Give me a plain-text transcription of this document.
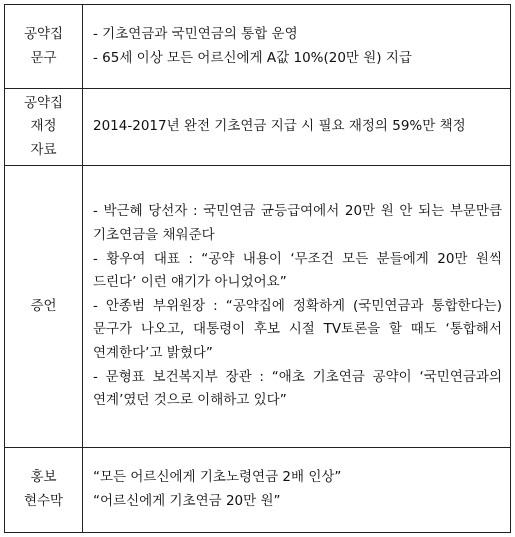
공약집
문구	- 기초연금과 국민연금의 통합 운영
- 65세 이상 모든 어르신에게 A값 10%(20만 원) 지급

공약집
재정
자료	2014-2017년 완전 기초연금 지급 시 필요 재정의 59%만 책정

증언	- 박근혜 당선자 : 국민연금 균등급여에서 20만 원 안 되는 부문만큼 기초연금을 채워준다
- 황우여 대표 : “공약 내용이 ‘무조건 모든 분들에게 20만 원씩 드린다’ 이런 얘기가 아니었어요”
- 안종범 부위원장 : “공약집에 정확하게 (국민연금과 통합한다는) 문구가 나오고, 대통령이 후보 시절 TV토론을 할 때도 ‘통합해서 연계한다’고 밝혔다”
- 문형표 보건복지부 장관 : “애초 기초연금 공약이 ‘국민연금과의 연계’였던 것으로 이해하고 있다”

홍보
현수막	“모든 어르신에게 기초노령연금 2배 인상”
“어르신에게 기초연금 20만 원”
